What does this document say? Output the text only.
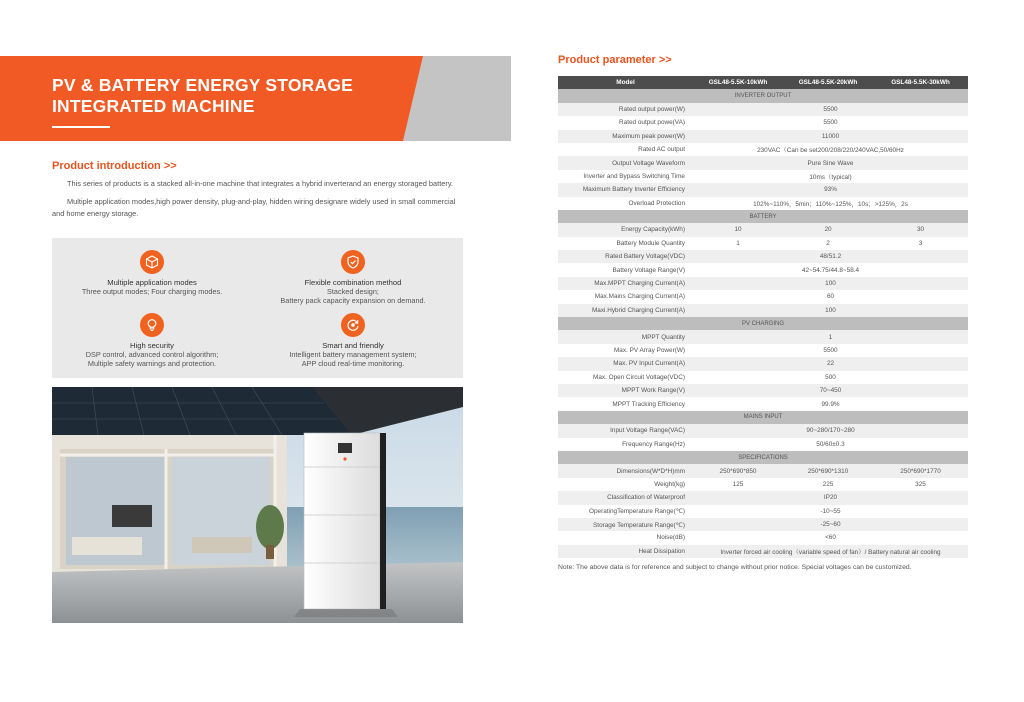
PV & BATTERY ENERGY STORAGE
INTEGRATED MACHINE
Product introduction >>

This series of products is a stacked all-in-one machine that integrates a hybrid inverterand an energy storaged battery.

Multiple application modes,high power density, plug-and-play, hidden wiring designare widely used in small commercial and home energy storage.

Multiple application modes
Three output modes; Four charging modes.
Flexible combination method
Stacked design;
Battery pack capacity expansion on demand.
High security
DSP control, advanced control algorithm;
Multiple safety warnings and protection.
Smart and friendly
Intelligent battery management system;
APP cloud real-time monitoring.
Product parameter >>
Model	GSL48-5.5K-10kWh	GSL48-5.5K-20kWh	GSL48-5.5K-30kWh
INVERTER OUTPUT			
Rated output power(W)	5500		
Rated output powe(VA)	5500		
Maximum peak power(W)	11000		
Rated AC output	230VAC（Can be set200/208/220/240VAC,50/60Hz		
Output Voltage Waveform	Pure Sine Wave		
Inverter and Bypass Switching Time	10ms（typical)		
Maximum Battery Inverter Efficiency	93%		
Overload Protection	102%~110%，5min；110%~125%，10s；>125%，2s		
BATTERY			
Energy Capacity(kWh)	10	20	30
Battery Module Quantity	1	2	3
Rated Battery Voltage(VDC)	48/51.2		
Battery Voltage Range(V)	42~54.75/44.8~58.4		
Max.MPPT Charging Current(A)	100		
Max.Mains Charging Current(A)	60		
Maxi.Hybrid Charging Current(A)	100		
PV CHARGING			
MPPT Quantity	1		
Max. PV Array Power(W)	5500		
Max. PV Input Current(A)	22		
Max. Open Circuit Voltage(VDC)	500		
MPPT Work Range(V)	70~450		
MPPT Tracking Efficiency	99.9%		
MAINS INPUT			
Input Voltage Range(VAC)	90~280/170~280		
Frequency Range(Hz)	50/60±0.3		
SPECIFICATIONS			
Dimensions(W*D*H)mm	250*690*850	250*690*1310	250*690*1770
Weight(kg)	125	225	325
Classification of Waterproof	IP20		
OperatingTemperature Range(℃)	-10~55		
Storage Temperature Range(℃)	-25~60		
Noise(dB)	<60		
Heat Dissipation	Inverter forced air cooling（variable speed of fan）/ Battery natural air cooling		
Note: The above data is for reference and subject to change without prior notice. Special voltages can be customized.
